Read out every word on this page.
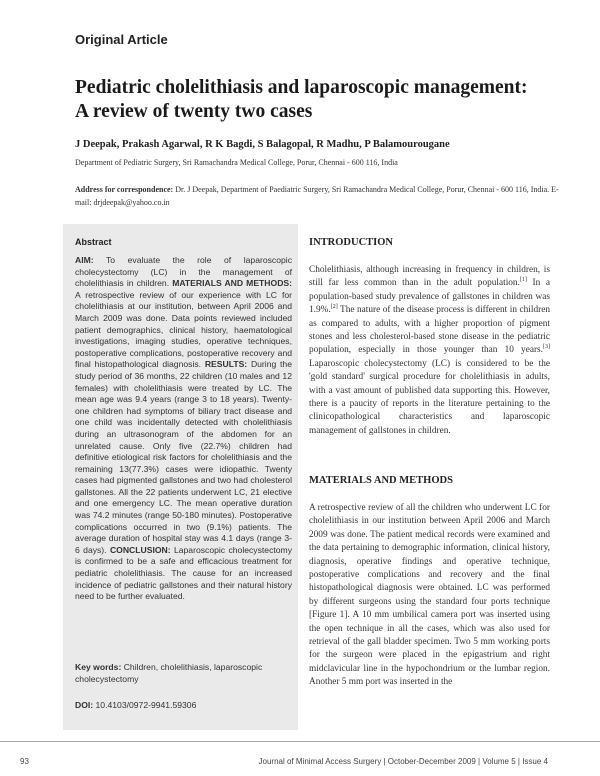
Original Article
Pediatric cholelithiasis and laparoscopic management:
A review of twenty two cases
J Deepak, Prakash Agarwal, R K Bagdi, S Balagopal, R Madhu, P Balamourougane
Department of Pediatric Surgery, Sri Ramachandra Medical College, Porur, Chennai - 600 116, India
Address for correspondence: Dr. J Deepak, Department of Paediatric Surgery, Sri Ramachandra Medical College, Porur, Chennai - 600 116, India. E-mail: drjdeepak@yahoo.co.in
Abstract

AIM: To evaluate the role of laparoscopic cholecystectomy (LC) in the management of cholelithiasis in children. MATERIALS AND METHODS: A retrospective review of our experience with LC for cholelithiasis at our institution, between April 2006 and March 2009 was done. Data points reviewed included patient demographics, clinical history, haematological investigations, imaging studies, operative techniques, postoperative complications, postoperative recovery and final histopathological diagnosis. RESULTS: During the study period of 36 months, 22 children (10 males and 12 females) with cholelithiasis were treated by LC. The mean age was 9.4 years (range 3 to 18 years). Twenty-one children had symptoms of biliary tract disease and one child was incidentally detected with cholelithiasis during an ultrasonogram of the abdomen for an unrelated cause. Only five (22.7%) children had definitive etiological risk factors for cholelithiasis and the remaining 13(77.3%) cases were idiopathic. Twenty cases had pigmented gallstones and two had cholesterol gallstones. All the 22 patients underwent LC, 21 elective and one emergency LC. The mean operative duration was 74.2 minutes (range 50-180 minutes). Postoperative complications occurred in two (9.1%) patients. The average duration of hospital stay was 4.1 days (range 3-6 days). CONCLUSION: Laparoscopic cholecystectomy is confirmed to be a safe and efficacious treatment for pediatric cholelithiasis. The cause for an increased incidence of pediatric gallstones and their natural history need to be further evaluated.

Key words: Children, cholelithiasis, laparoscopic cholecystectomy
DOI: 10.4103/0972-9941.59306
INTRODUCTION

Cholelithiasis, although increasing in frequency in children, is still far less common than in the adult population.[1] In a population-based study prevalence of gallstones in children was 1.9%.[2] The nature of the disease process is different in children as compared to adults, with a higher proportion of pigment stones and less cholesterol-based stone disease in the pediatric population, especially in those younger than 10 years.[3] Laparoscopic cholecystectomy (LC) is considered to be the 'gold standard' surgical procedure for cholelithiasis in adults, with a vast amount of published data supporting this. However, there is a paucity of reports in the literature pertaining to the clinicopathological characteristics and laparoscopic management of gallstones in children.

MATERIALS AND METHODS

A retrospective review of all the children who underwent LC for cholelithiasis in our institution between April 2006 and March 2009 was done. The patient medical records were examined and the data pertaining to demographic information, clinical history, diagnosis, operative findings and operative technique, postoperative complications and recovery and the final histopathological diagnosis were obtained. LC was performed by different surgeons using the standard four ports technique [Figure 1]. A 10 mm umbilical camera port was inserted using the open technique in all the cases, which was also used for retrieval of the gall bladder specimen. Two 5 mm working ports for the surgeon were placed in the epigastrium and right midclavicular line in the hypochondrium or the lumbar region. Another 5 mm port was inserted in the

93	Journal of Minimal Access Surgery | October-December 2009 | Volume 5 | Issue 4
